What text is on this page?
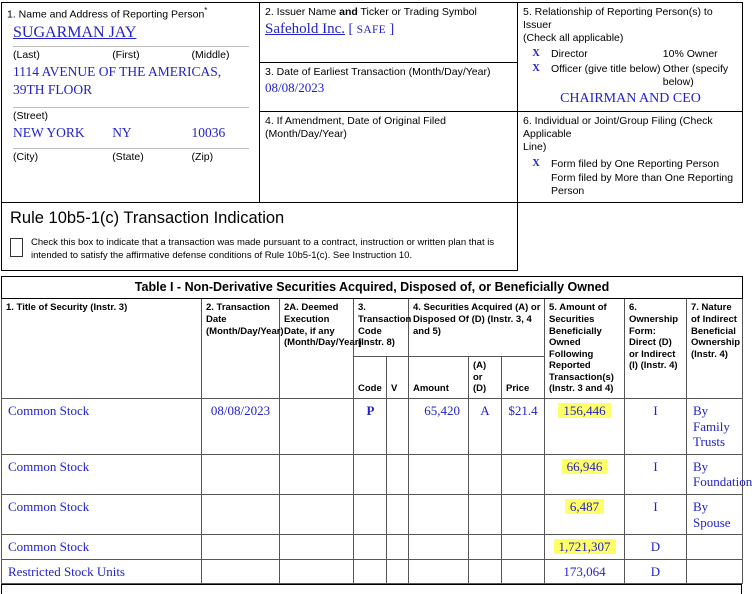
1. Name and Address of Reporting Person*
SUGARMAN JAY
(Last)	(First)	(Middle)
1114 AVENUE OF THE AMERICAS, 39TH FLOOR
(Street)
NEW YORK	NY	10036
(City)	(State)	(Zip)

2. Issuer Name and Ticker or Trading Symbol
Safehold Inc. [ SAFE ]

5. Relationship of Reporting Person(s) to Issuer
(Check all applicable)
X	Director	10% Owner
X	Officer (give title below)	Other (specify below)
CHAIRMAN AND CEO

3. Date of Earliest Transaction (Month/Day/Year)
08/08/2023

4. If Amendment, Date of Original Filed (Month/Day/Year)

6. Individual or Joint/Group Filing (Check Applicable
Line)
X	Form filed by One Reporting Person
	Form filed by More than One Reporting Person

Rule 10b5-1(c) Transaction Indication
Check this box to indicate that a transaction was made pursuant to a contract, instruction or written plan that is intended to satisfy the affirmative defense conditions of Rule 10b5-1(c). See Instruction 10.
Table I - Non-Derivative Securities Acquired, Disposed of, or Beneficially Owned										
1. Title of Security (Instr. 3)	2. Transaction Date (Month/Day/Year)	2A. Deemed Execution Date, if any (Month/Day/Year)	3. Transaction Code (Instr. 8)		4. Securities Acquired (A) or Disposed Of (D) (Instr. 3, 4 and 5)			5. Amount of Securities Beneficially Owned Following Reported Transaction(s) (Instr. 3 and 4)	6. Ownership Form: Direct (D) or Indirect (I) (Instr. 4)	7. Nature of Indirect Beneficial Ownership (Instr. 4)
			Code	V	Amount	(A) or (D)	Price			
Common Stock	08/08/2023		P		65,420	A	$21.4	156,446	I	By Family Trusts
Common Stock								66,946	I	By Foundation
Common Stock								6,487	I	By Spouse
Common Stock								1,721,307	D	
Restricted Stock Units								173,064	D	
